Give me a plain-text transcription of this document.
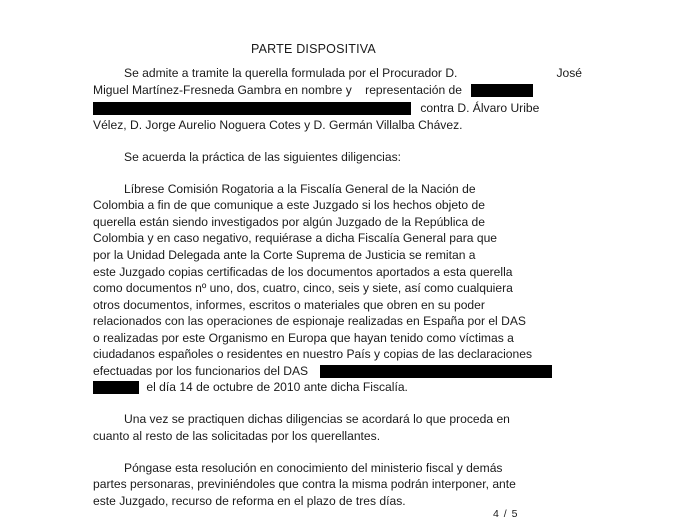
PARTE DISPOSITIVA
Se admite a tramite la querella formulada por el Procurador D.	José
Miguel Martínez-Fresneda Gambra en nombre y representación de
contra D. Álvaro Uribe
Vélez, D. Jorge Aurelio Noguera Cotes y D. Germán Villalba Chávez.
Se acuerda la práctica de las siguientes diligencias:
Líbrese Comisión Rogatoria a la Fiscalía General de la Nación de
Colombia a fin de que comunique a este Juzgado si los hechos objeto de
querella están siendo investigados por algún Juzgado de la República de
Colombia y en caso negativo, requiérase a dicha Fiscalía General para que
por la Unidad Delegada ante la Corte Suprema de Justicia se remitan a
este Juzgado copias certificadas de los documentos aportados a esta querella
como documentos nº uno, dos, cuatro, cinco, seis y siete, así como cualquiera
otros documentos, informes, escritos o materiales que obren en su poder
relacionados con las operaciones de espionaje realizadas en España por el DAS
o realizadas por este Organismo en Europa que hayan tenido como víctimas a
ciudadanos españoles o residentes en nuestro País y copias de las declaraciones
efectuadas por los funcionarios del DAS
el día 14 de octubre de 2010 ante dicha Fiscalía.
Una vez se practiquen dichas diligencias se acordará lo que proceda en
cuanto al resto de las solicitadas por los querellantes.
Póngase esta resolución en conocimiento del ministerio fiscal y demás
partes personaras, previniéndoles que contra la misma podrán interponer, ante
este Juzgado, recurso de reforma en el plazo de tres días.
4 / 5
